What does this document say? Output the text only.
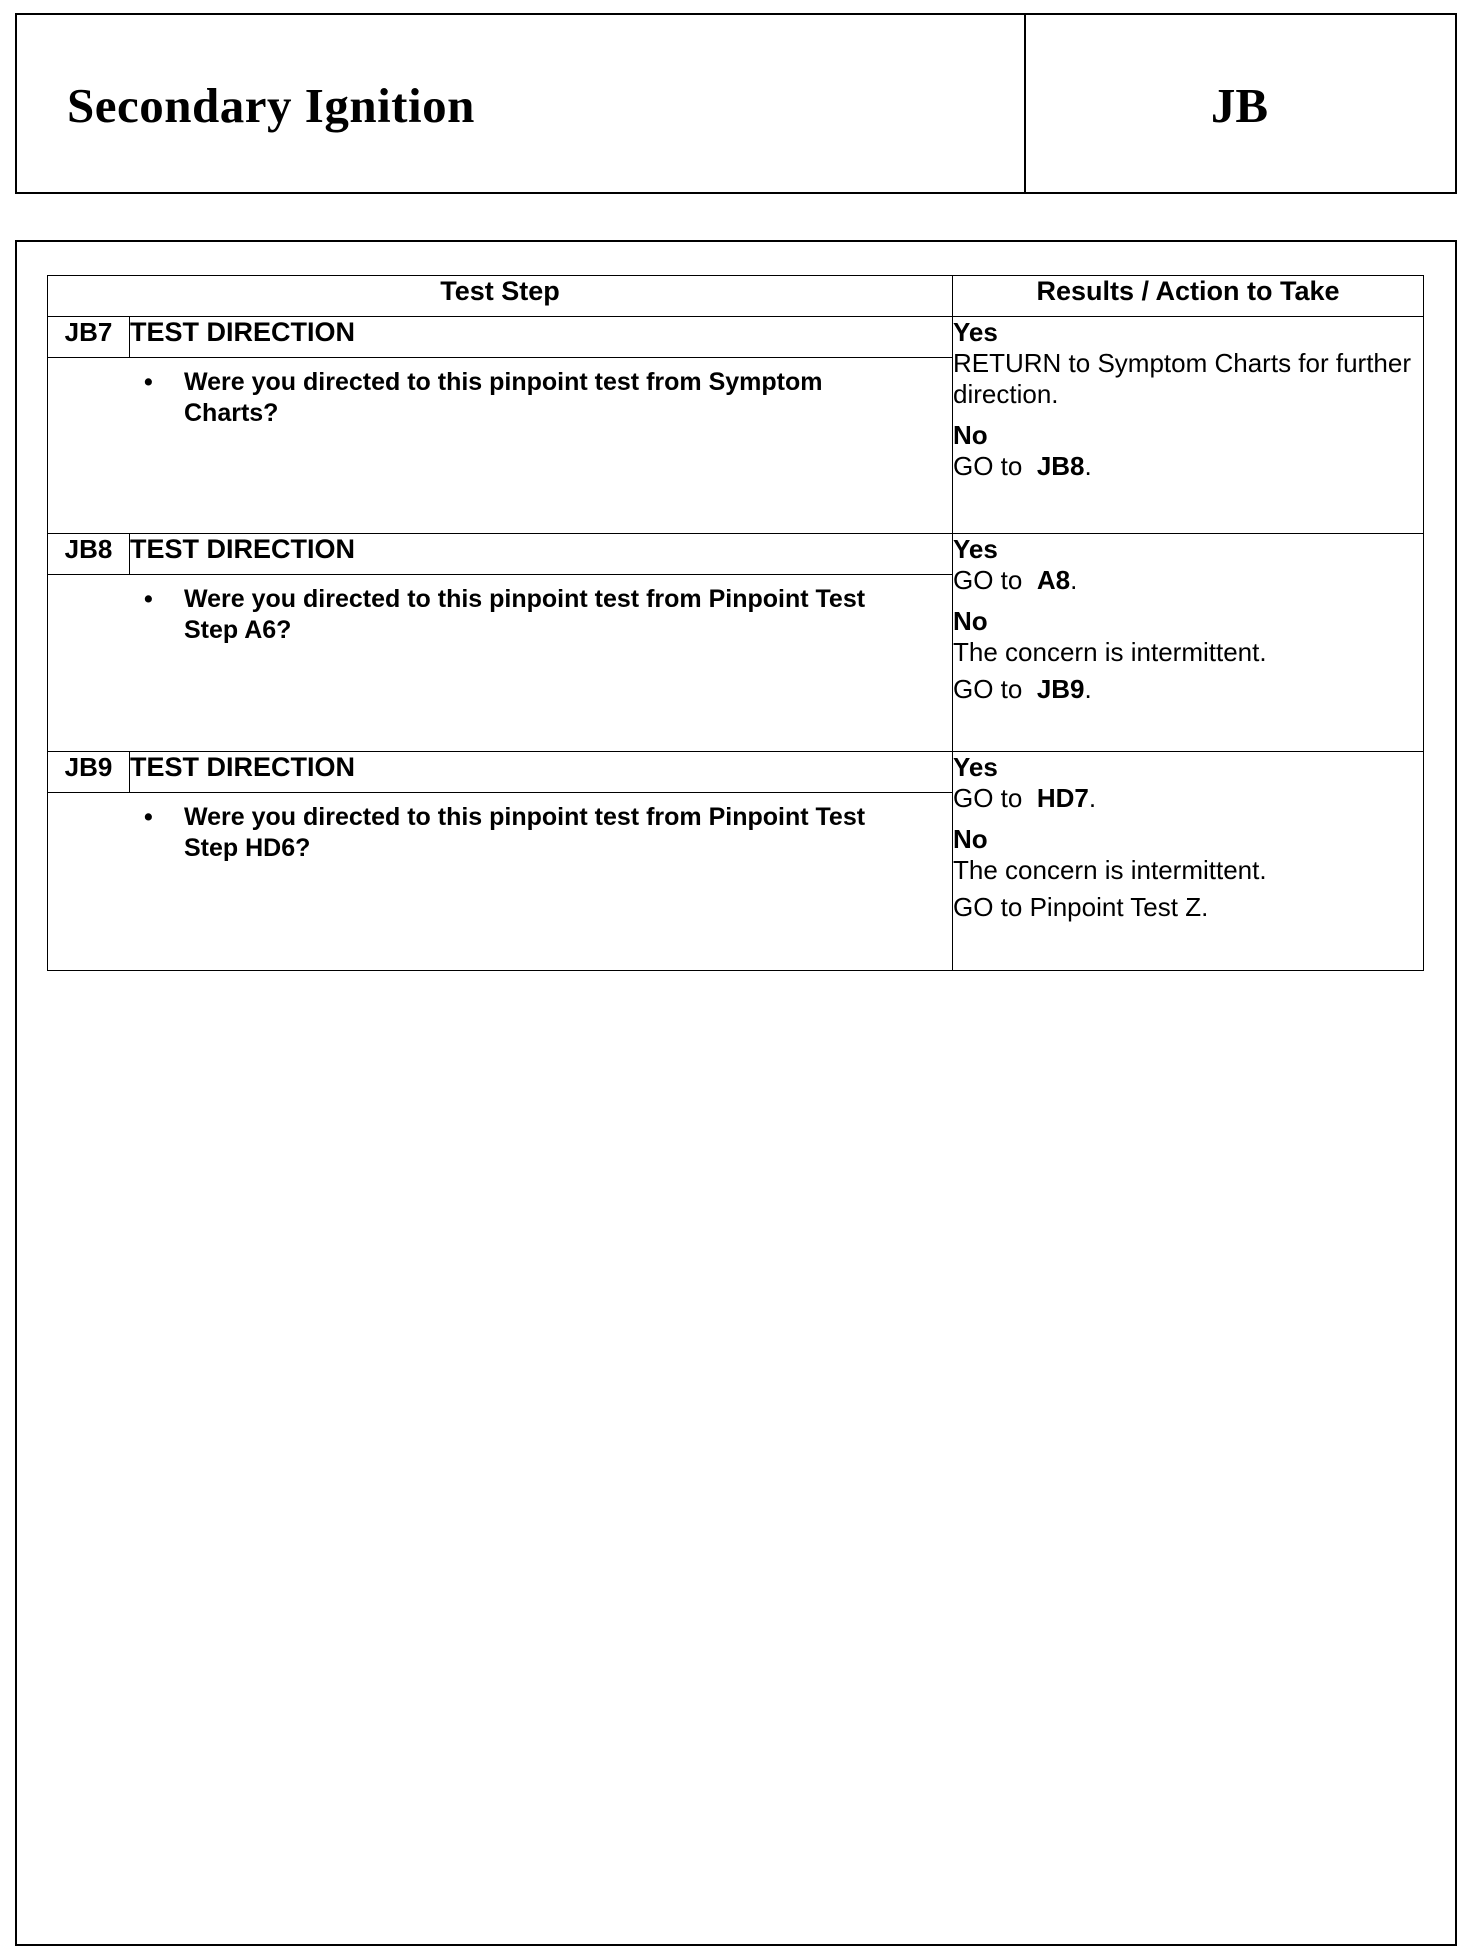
Secondary Ignition	JB
Test Step		Results / Action to Take
JB7	TEST DIRECTION	Yes
RETURN to Symptom Charts for further direction.
No
GO to JB8.

• Were you directed to this pinpoint test from Symptom Charts?		

JB8	TEST DIRECTION	Yes
GO to A8.
No
The concern is intermittent.
GO to JB9.

• Were you directed to this pinpoint test from Pinpoint Test Step A6?		

JB9	TEST DIRECTION	Yes
GO to HD7.
No
The concern is intermittent.
GO to Pinpoint Test Z.

• Were you directed to this pinpoint test from Pinpoint Test Step HD6?		
